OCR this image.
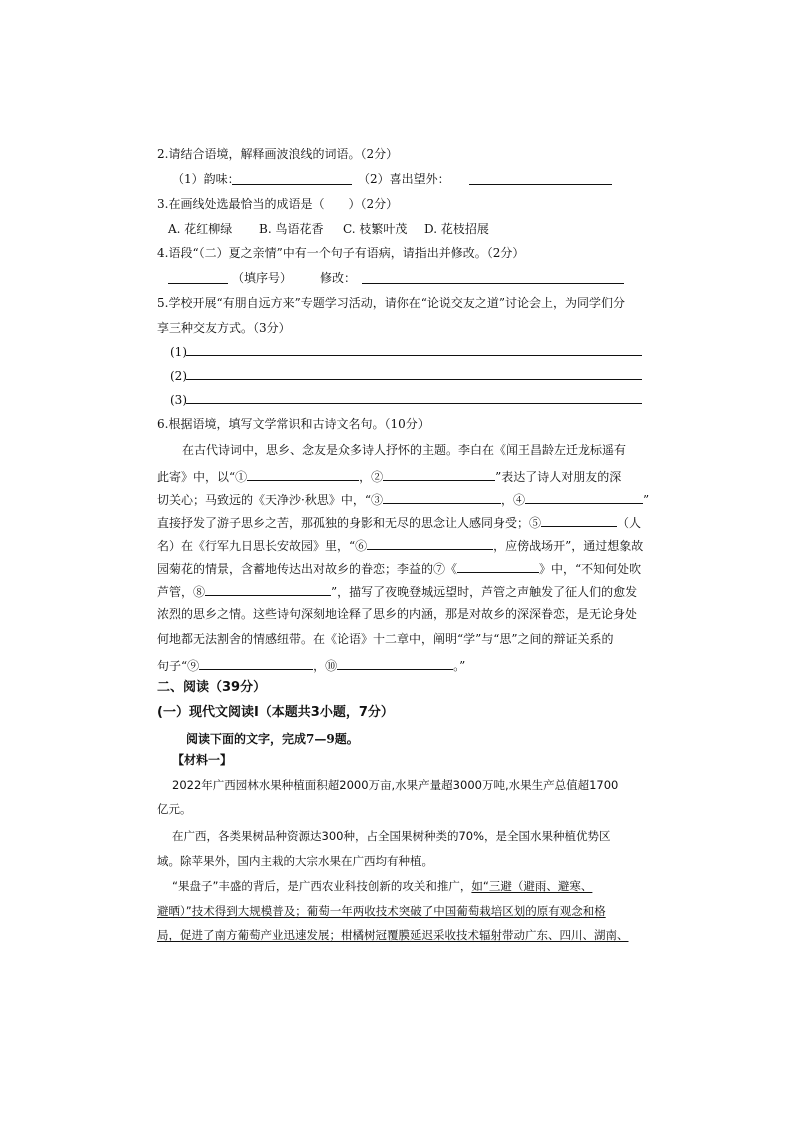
2.请结合语境，解释画波浪线的词语。（2分）
（1）韵味：	（2）喜出望外：
3.在画线处选最恰当的成语是（　　）（2分）
A. 花红柳绿 B. 鸟语花香 C. 枝繁叶茂 D. 花枝招展
4.语段“（二）夏之亲情”中有一个句子有语病，请指出并修改。（2分）
（填序号） 修改：
5.学校开展“有朋自远方来”专题学习活动，请你在“论说交友之道”讨论会上，为同学们分
享三种交友方式。（3分）
(1)
(2)
(3)
6.根据语境，填写文学常识和古诗文名句。（10分）
在古代诗词中，思乡、念友是众多诗人抒怀的主题。李白在《闻王昌龄左迁龙标遥有
此寄》中，以“①	，②	”表达了诗人对朋友的深
切关心；马致远的《天净沙·秋思》中，“③	，④	”
直接抒发了游子思乡之苦，那孤独的身影和无尽的思念让人感同身受；⑤	（人
名）在《行军九日思长安故园》里，“⑥	，应傍战场开”，通过想象故
园菊花的情景，含蓄地传达出对故乡的眷恋；李益的⑦《	》中，“不知何处吹
芦管，⑧	”，描写了夜晚登城远望时，芦管之声触发了征人们的愈发
浓烈的思乡之情。这些诗句深刻地诠释了思乡的内涵，那是对故乡的深深眷恋，是无论身处
何地都无法割舍的情感纽带。在《论语》十二章中，阐明“学”与“思”之间的辩证关系的
句子“⑨	，⑩	。”
二、阅读（39分）
(一）现代文阅读Ⅰ（本题共3小题，7分）
阅读下面的文字，完成7—9题。
【材料一】
2022年广西园林水果种植面积超2000万亩,水果产量超3000万吨,水果生产总值超1700
亿元。
在广西，各类果树品种资源达300种，占全国果树种类的70%，是全国水果种植优势区
域。除苹果外，国内主栽的大宗水果在广西均有种植。
“果盘子”丰盛的背后，是广西农业科技创新的攻关和推广，如“三避（避雨、避寒、
避晒）”技术得到大规模普及；葡萄一年两收技术突破了中国葡萄栽培区划的原有观念和格
局，促进了南方葡萄产业迅速发展；柑橘树冠覆膜延迟采收技术辐射带动广东、四川、湖南、
